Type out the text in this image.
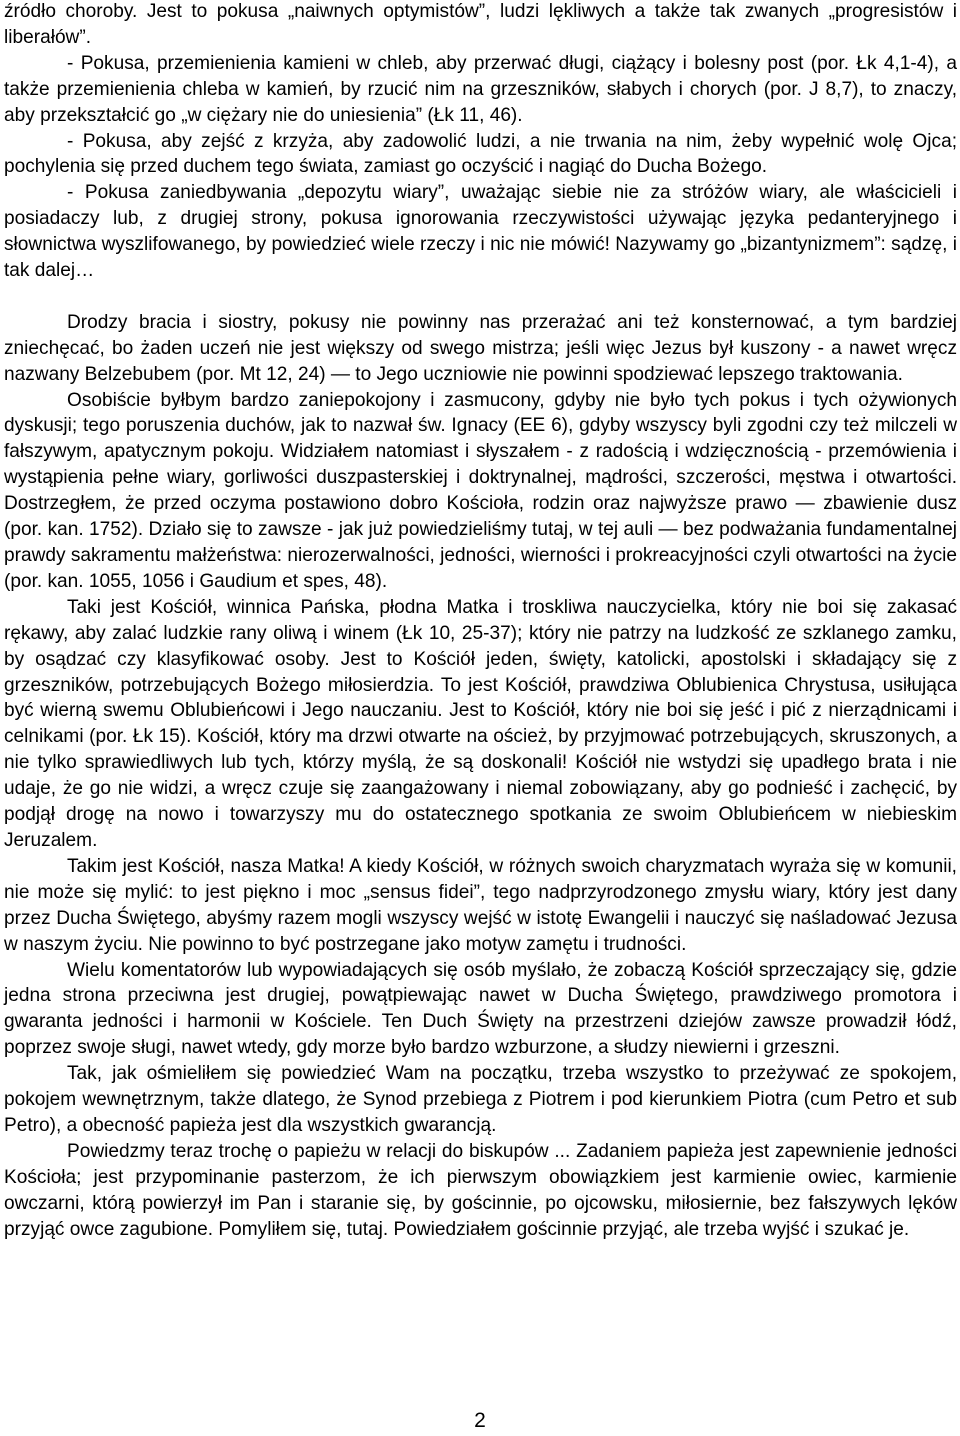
źródło choroby. Jest to pokusa „naiwnych optymistów”, ludzi lękliwych a także tak zwanych „progresistów i liberałów”.

- Pokusa, przemienienia kamieni w chleb, aby przerwać długi, ciążący i bolesny post (por. Łk 4,1-4), a także przemienienia chleba w kamień, by rzucić nim na grzeszników, słabych i chorych (por. J 8,7), to znaczy, aby przekształcić go „w ciężary nie do uniesienia” (Łk 11, 46).

- Pokusa, aby zejść z krzyża, aby zadowolić ludzi, a nie trwania na nim, żeby wypełnić wolę Ojca; pochylenia się przed duchem tego świata, zamiast go oczyścić i nagiąć do Ducha Bożego.

- Pokusa zaniedbywania „depozytu wiary”, uważając siebie nie za stróżów wiary, ale właścicieli i posiadaczy lub, z drugiej strony, pokusa ignorowania rzeczywistości używając języka pedanteryjnego i słownictwa wyszlifowanego, by powiedzieć wiele rzeczy i nic nie mówić! Nazywamy go „bizantynizmem”: sądzę, i tak dalej…

Drodzy bracia i siostry, pokusy nie powinny nas przerażać ani też konsternować, a tym bardziej zniechęcać, bo żaden uczeń nie jest większy od swego mistrza; jeśli więc Jezus był kuszony - a nawet wręcz nazwany Belzebubem (por. Mt 12, 24) — to Jego uczniowie nie powinni spodziewać lepszego traktowania.

Osobiście byłbym bardzo zaniepokojony i zasmucony, gdyby nie było tych pokus i tych ożywionych dyskusji; tego poruszenia duchów, jak to nazwał św. Ignacy (EE 6), gdyby wszyscy byli zgodni czy też milczeli w fałszywym, apatycznym pokoju. Widziałem natomiast i słyszałem - z radością i wdzięcznością - przemówienia i wystąpienia pełne wiary, gorliwości duszpasterskiej i doktrynalnej, mądrości, szczerości, męstwa i otwartości. Dostrzegłem, że przed oczyma postawiono dobro Kościoła, rodzin oraz najwyższe prawo — zbawienie dusz (por. kan. 1752). Działo się to zawsze - jak już powiedzieliśmy tutaj, w tej auli — bez podważania fundamentalnej prawdy sakramentu małżeństwa: nierozerwalności, jedności, wierności i prokreacyjności czyli otwartości na życie (por. kan. 1055, 1056 i Gaudium et spes, 48).

Taki jest Kościół, winnica Pańska, płodna Matka i troskliwa nauczycielka, który nie boi się zakasać rękawy, aby zalać ludzkie rany oliwą i winem (Łk 10, 25-37); który nie patrzy na ludzkość ze szklanego zamku, by osądzać czy klasyfikować osoby. Jest to Kościół jeden, święty, katolicki, apostolski i składający się z grzeszników, potrzebujących Bożego miłosierdzia. To jest Kościół, prawdziwa Oblubienica Chrystusa, usiłująca być wierną swemu Oblubieńcowi i Jego nauczaniu. Jest to Kościół, który nie boi się jeść i pić z nierządnicami i celnikami (por. Łk 15). Kościół, który ma drzwi otwarte na oścież, by przyjmować potrzebujących, skruszonych, a nie tylko sprawiedliwych lub tych, którzy myślą, że są doskonali! Kościół nie wstydzi się upadłego brata i nie udaje, że go nie widzi, a wręcz czuje się zaangażowany i niemal zobowiązany, aby go podnieść i zachęcić, by podjął drogę na nowo i towarzyszy mu do ostatecznego spotkania ze swoim Oblubieńcem w niebieskim Jeruzalem.

Takim jest Kościół, nasza Matka! A kiedy Kościół, w różnych swoich charyzmatach wyraża się w komunii, nie może się mylić: to jest piękno i moc „sensus fidei”, tego nadprzyrodzonego zmysłu wiary, który jest dany przez Ducha Świętego, abyśmy razem mogli wszyscy wejść w istotę Ewangelii i nauczyć się naśladować Jezusa w naszym życiu. Nie powinno to być postrzegane jako motyw zamętu i trudności.

Wielu komentatorów lub wypowiadających się osób myślało, że zobaczą Kościół sprzeczający się, gdzie jedna strona przeciwna jest drugiej, powątpiewając nawet w Ducha Świętego, prawdziwego promotora i gwaranta jedności i harmonii w Kościele. Ten Duch Święty na przestrzeni dziejów zawsze prowadził łódź, poprzez swoje sługi, nawet wtedy, gdy morze było bardzo wzburzone, a słudzy niewierni i grzeszni.

Tak, jak ośmieliłem się powiedzieć Wam na początku, trzeba wszystko to przeżywać ze spokojem, pokojem wewnętrznym, także dlatego, że Synod przebiega z Piotrem i pod kierunkiem Piotra (cum Petro et sub Petro), a obecność papieża jest dla wszystkich gwarancją.

Powiedzmy teraz trochę o papieżu w relacji do biskupów ... Zadaniem papieża jest zapewnienie jedności Kościoła; jest przypominanie pasterzom, że ich pierwszym obowiązkiem jest karmienie owiec, karmienie owczarni, którą powierzył im Pan i staranie się, by gościnnie, po ojcowsku, miłosiernie, bez fałszywych lęków przyjąć owce zagubione. Pomyliłem się, tutaj. Powiedziałem gościnnie przyjąć, ale trzeba wyjść i szukać je.

2
